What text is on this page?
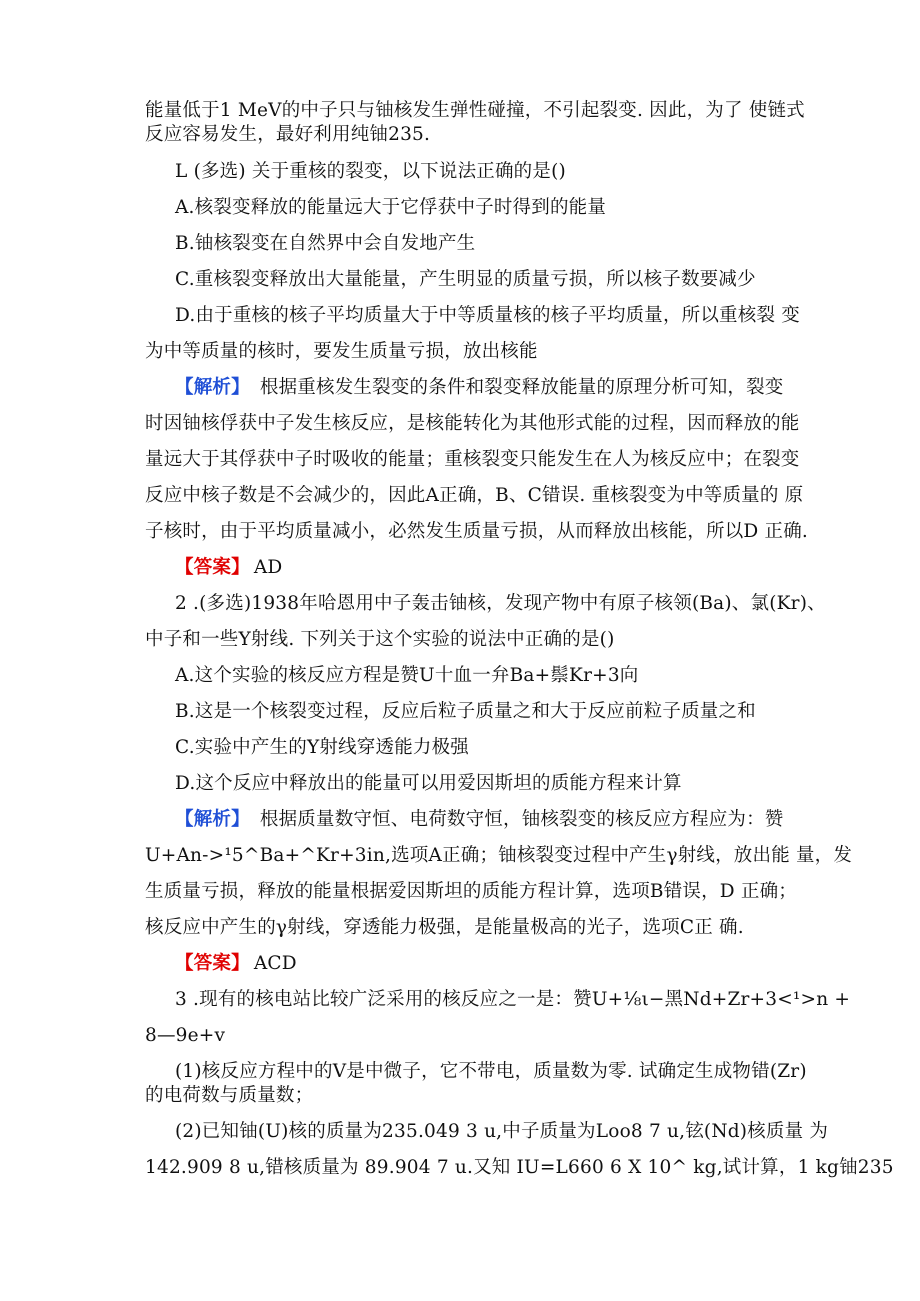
能量低于1 MeV的中子只与铀核发生弹性碰撞，不引起裂变. 因此，为了 使链式
反应容易发生，最好利用纯铀235.
L (多选) 关于重核的裂变，以下说法正确的是()
A.核裂变释放的能量远大于它俘获中子时得到的能量
B.铀核裂变在自然界中会自发地产生
C.重核裂变释放出大量能量，产生明显的质量亏损，所以核子数要减少
D.由于重核的核子平均质量大于中等质量核的核子平均质量，所以重核裂 变
为中等质量的核时，要发生质量亏损，放出核能
【解析】 根据重核发生裂变的条件和裂变释放能量的原理分析可知，裂变
时因铀核俘获中子发生核反应，是核能转化为其他形式能的过程，因而释放的能
量远大于其俘获中子时吸收的能量；重核裂变只能发生在人为核反应中；在裂变
反应中核子数是不会减少的，因此A正确，B、C错误. 重核裂变为中等质量的 原
子核时，由于平均质量减小，必然发生质量亏损，从而释放出核能，所以D 正确.
【答案】 AD
2 .(多选)1938年哈恩用中子轰击铀核，发现产物中有原子核领(Ba)、氯(Kr)、
中子和一些Y射线. 下列关于这个实验的说法中正确的是()
A.这个实验的核反应方程是赞U十血一弁Ba+鬃Kr+3向
B.这是一个核裂变过程，反应后粒子质量之和大于反应前粒子质量之和
C.实验中产生的Y射线穿透能力极强
D.这个反应中释放出的能量可以用爱因斯坦的质能方程来计算
【解析】 根据质量数守恒、电荷数守恒，铀核裂变的核反应方程应为：赞
U+An->¹5^Ba+^Kr+3in,选项A正确；铀核裂变过程中产生γ射线，放出能 量，发
生质量亏损，释放的能量根据爱因斯坦的质能方程计算，选项B错误，D 正确；
核反应中产生的γ射线，穿透能力极强，是能量极高的光子，选项C正 确.
【答案】 ACD
3 .现有的核电站比较广泛采用的核反应之一是：赞U+⅛ι−黑Nd+Zr+3<¹>n +
8—9e+v
(1)核反应方程中的V是中微子，它不带电，质量数为零. 试确定生成物错(Zr)
的电荷数与质量数；
(2)已知铀(U)核的质量为235.049 3 u,中子质量为Loo8 7 u,铉(Nd)核质量 为
142.909 8 u,错核质量为 89.904 7 u.又知 IU=L660 6 X 10^ kg,试计算，1 kg铀235
